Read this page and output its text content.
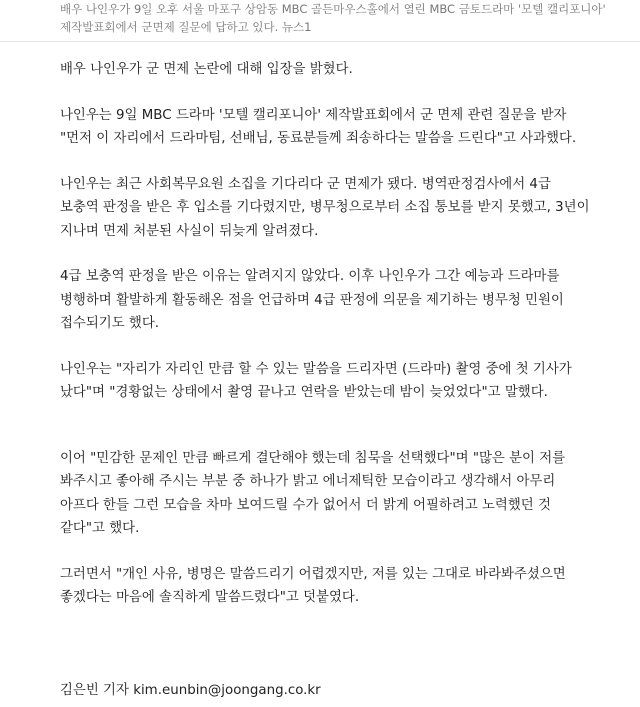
배우 나인우가 9일 오후 서울 마포구 상암동 MBC 골든마우스홀에서 열린 MBC 금토드라마 '모텔 캘리포니아'
제작발표회에서 군면제 질문에 답하고 있다. 뉴스1

배우 나인우가 군 면제 논란에 대해 입장을 밝혔다.

나인우는 9일 MBC 드라마 '모텔 캘리포니아' 제작발표회에서 군 면제 관련 질문을 받자
"먼저 이 자리에서 드라마팀, 선배님, 동료분들께 죄송하다는 말씀을 드린다"고 사과했다.

나인우는 최근 사회복무요원 소집을 기다리다 군 면제가 됐다. 병역판정검사에서 4급
보충역 판정을 받은 후 입소를 기다렸지만, 병무청으로부터 소집 통보를 받지 못했고, 3년이
지나며 면제 처분된 사실이 뒤늦게 알려졌다.

4급 보충역 판정을 받은 이유는 알려지지 않았다. 이후 나인우가 그간 예능과 드라마를
병행하며 활발하게 활동해온 점을 언급하며 4급 판정에 의문을 제기하는 병무청 민원이
접수되기도 했다.

나인우는 "자리가 자리인 만큼 할 수 있는 말씀을 드리자면 (드라마) 촬영 중에 첫 기사가
났다"며 "경황없는 상태에서 촬영 끝나고 연락을 받았는데 밤이 늦었었다"고 말했다.

이어 "민감한 문제인 만큼 빠르게 결단해야 했는데 침묵을 선택했다"며 "많은 분이 저를
봐주시고 좋아해 주시는 부분 중 하나가 밝고 에너제틱한 모습이라고 생각해서 아무리
아프다 한들 그런 모습을 차마 보여드릴 수가 없어서 더 밝게 어필하려고 노력했던 것
같다"고 했다.

그러면서 "개인 사유, 병명은 말씀드리기 어렵겠지만, 저를 있는 그대로 바라봐주셨으면
좋겠다는 마음에 솔직하게 말씀드렸다"고 덧붙였다.

김은빈 기자 kim.eunbin@joongang.co.kr
